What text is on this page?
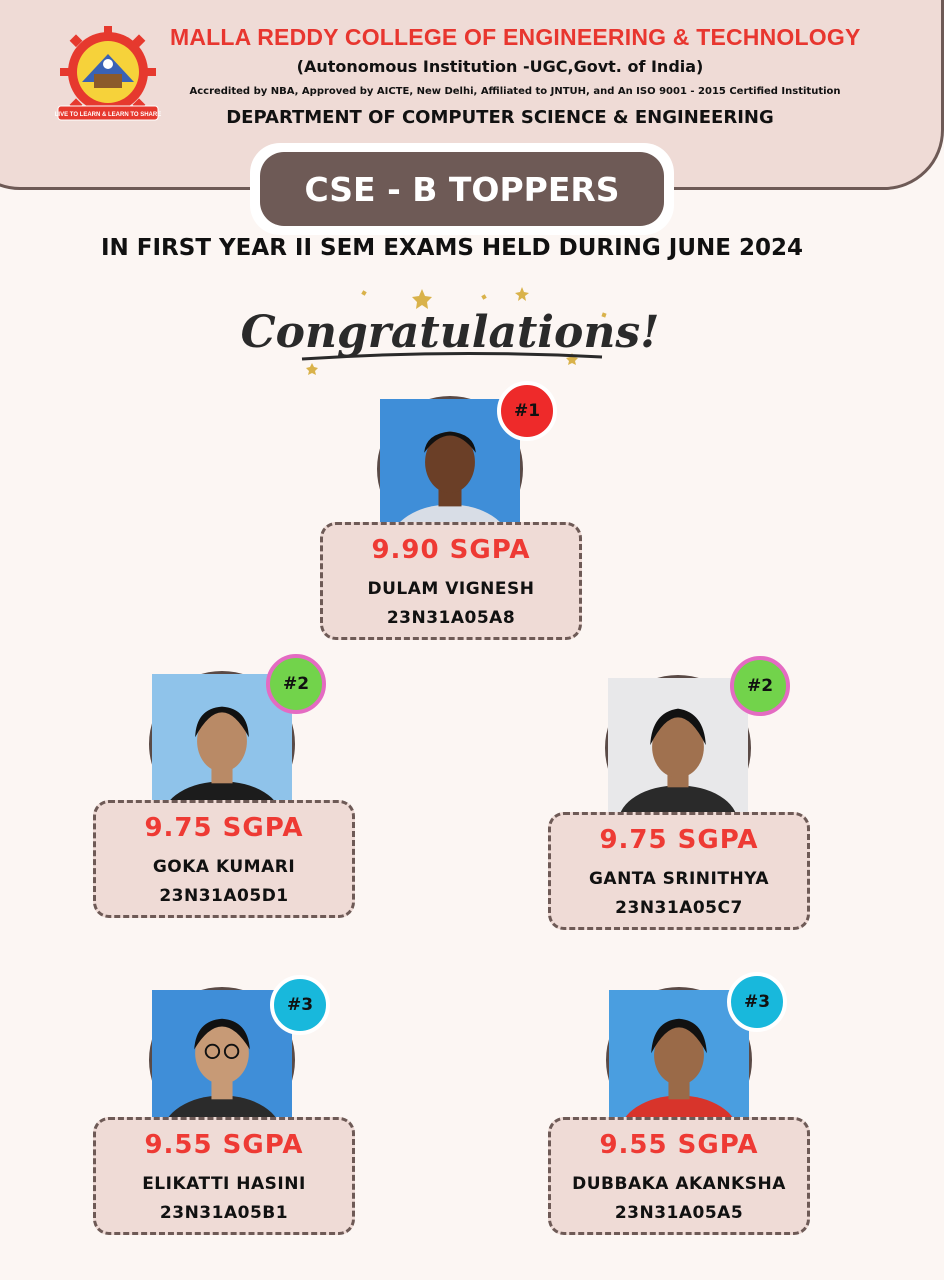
LIVE TO LEARN & LEARN TO SHARE
MALLA REDDY COLLEGE OF ENGINEERING & TECHNOLOGY
(Autonomous Institution -UGC,Govt. of India)
Accredited by NBA, Approved by AICTE, New Delhi, Affiliated to JNTUH, and An ISO 9001 - 2015 Certified Institution
DEPARTMENT OF COMPUTER SCIENCE & ENGINEERING
CSE - B TOPPERS
IN FIRST YEAR II SEM EXAMS HELD DURING JUNE 2024
Congratulations!
#1
9.90 SGPA
DULAM VIGNESH
23N31A05A8
#2
9.75 SGPA
GOKA KUMARI
23N31A05D1
#2
9.75 SGPA
GANTA SRINITHYA
23N31A05C7
#3
9.55 SGPA
ELIKATTI HASINI
23N31A05B1
#3
9.55 SGPA
DUBBAKA AKANKSHA
23N31A05A5
